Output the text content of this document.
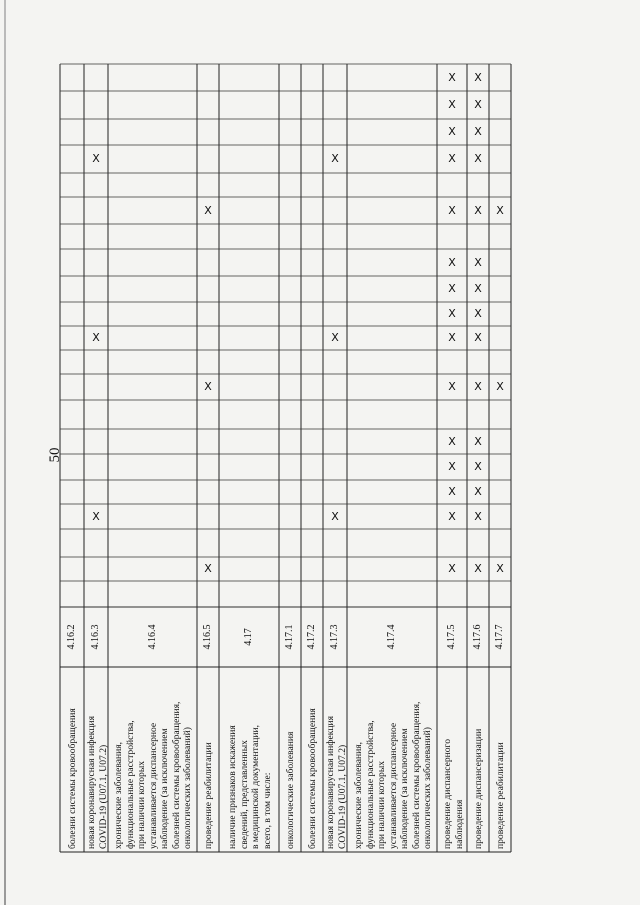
50
болезни системы кровообращения
4.16.2
новая коронавирусная инфекция
COVID-19 (U07.1, U07.2)
4.16.3
X
X
X
хронические заболевания,
функциональные расстройства,
при наличии которых
устанавливается диспансерное
наблюдение (за исключением
болезней системы кровообращения,
онкологических заболеваний)
4.16.4
проведение реабилитации
4.16.5
X
X
X
наличие признаков искажения
сведений, представленных
в медицинской документации,
всего, в том числе:
4.17
онкологические заболевания
4.17.1
болезни системы кровообращения
4.17.2
новая коронавирусная инфекция
COVID-19 (U07.1, U07.2)
4.17.3
X
X
X
хронические заболевания,
функциональные расстройства,
при наличии которых
устанавливается диспансерное
наблюдение (за исключением
болезней системы кровообращения,
онкологических заболеваний)
4.17.4
проведение диспансерного
наблюдения
4.17.5
X
X
X
X
X
X
X
X
X
X
X
X
X
X
X
проведение диспансеризации
4.17.6
X
X
X
X
X
X
X
X
X
X
X
X
X
X
X
проведение реабилитации
4.17.7
X
X
X
